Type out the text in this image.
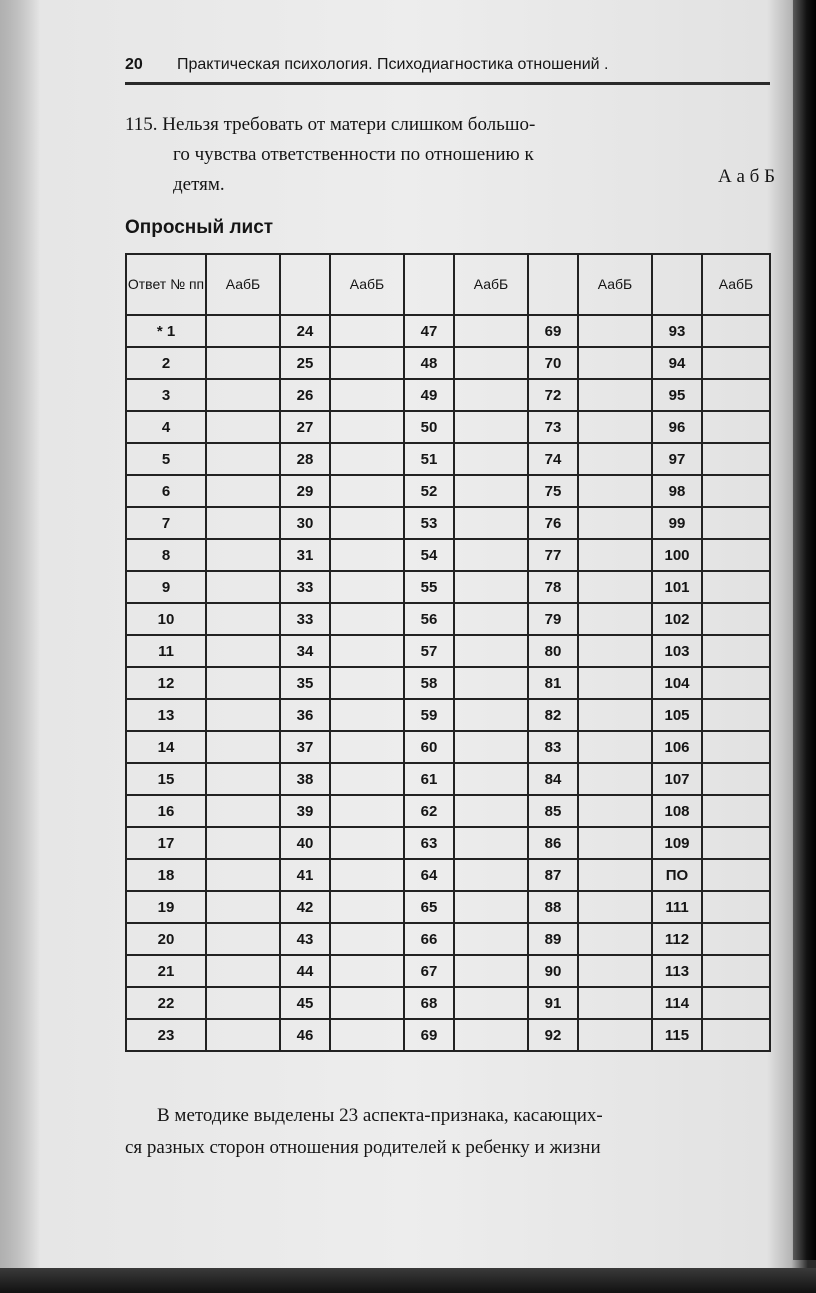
20 Практическая психология. Психодиагностика отношений .
115. Нельзя требовать от матери слишком большо-
го чувства ответственности по отношению к
детям.	А а б Б
Опросный лист
Ответ № пп	АабБ		АабБ		АабБ		АабБ		АабБ
* 1		24		47		69		93	
2		25		48		70		94	
3		26		49		72		95	
4		27		50		73		96	
5		28		51		74		97	
6		29		52		75		98	
7		30		53		76		99	
8		31		54		77		100	
9		33		55		78		101	
10		33		56		79		102	
11		34		57		80		103	
12		35		58		81		104	
13		36		59		82		105	
14		37		60		83		106	
15		38		61		84		107	
16		39		62		85		108	
17		40		63		86		109	
18		41		64		87		ПО	
19		42		65		88		111	
20		43		66		89		112	
21		44		67		90		113	
22		45		68		91		114	
23		46		69		92		115	
В методике выделены 23 аспекта-признака, касающих-
ся разных сторон отношения родителей к ребенку и жизни
